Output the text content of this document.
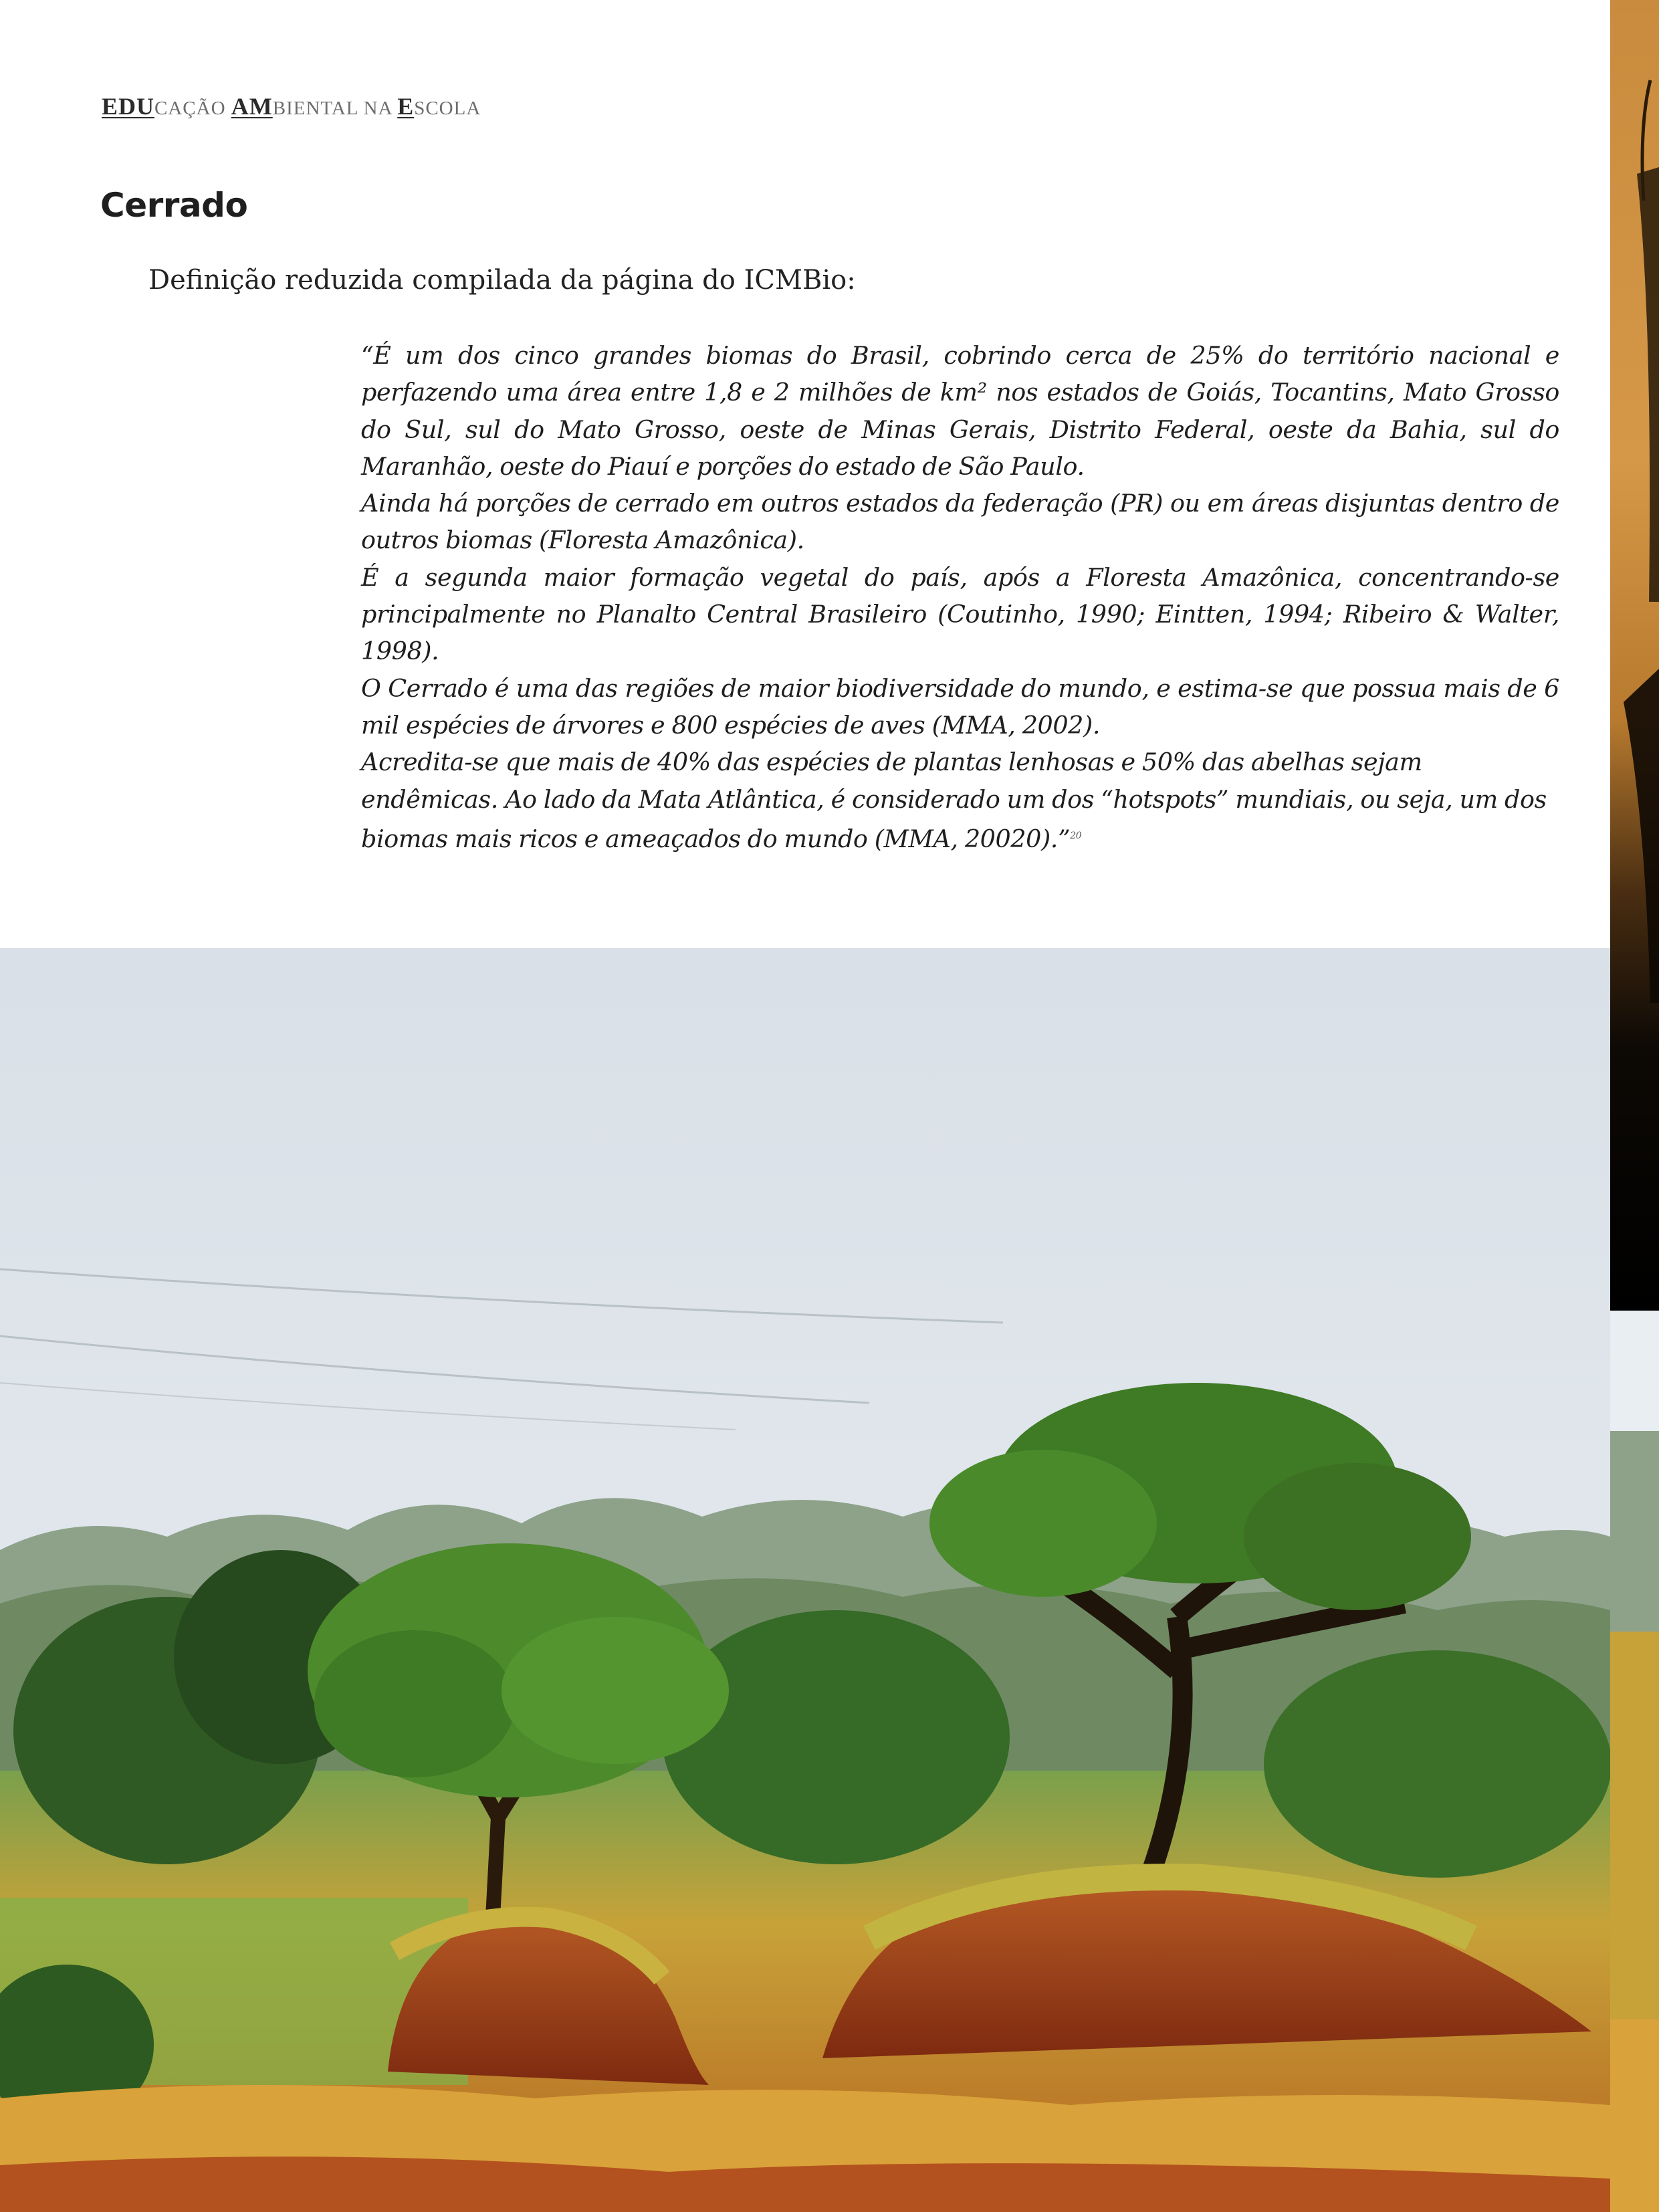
EDUCAÇÃO AMBIENTAL NA ESCOLA
Cerrado
Definição reduzida compilada da página do ICMBio:

“É um dos cinco grandes biomas do Brasil, cobrindo cerca de 25% do território nacional e perfazendo uma área entre 1,8 e 2 milhões de km² nos estados de Goiás, Tocantins, Mato Grosso do Sul, sul do Mato Grosso, oeste de Minas Gerais, Distrito Federal, oeste da Bahia, sul do Maranhão, oeste do Piauí e porções do estado de São Paulo.

Ainda há porções de cerrado em outros estados da federação (PR) ou em áreas disjuntas dentro de outros biomas (Floresta Amazônica).

É a segunda maior formação vegetal do país, após a Floresta Amazônica, concentrando-se principalmente no Planalto Central Brasileiro (Coutinho, 1990; Eintten, 1994; Ribeiro & Walter, 1998).

O Cerrado é uma das regiões de maior biodiversidade do mundo, e estima-se que possua mais de 6 mil espécies de árvores e 800 espécies de aves (MMA, 2002).

Acredita-se que mais de 40% das espécies de plantas lenhosas e 50% das abelhas sejam endêmicas. Ao lado da Mata Atlântica, é considerado um dos “hotspots” mundiais, ou seja, um dos biomas mais ricos e ameaçados do mundo (MMA, 20020).”$^{20}$
